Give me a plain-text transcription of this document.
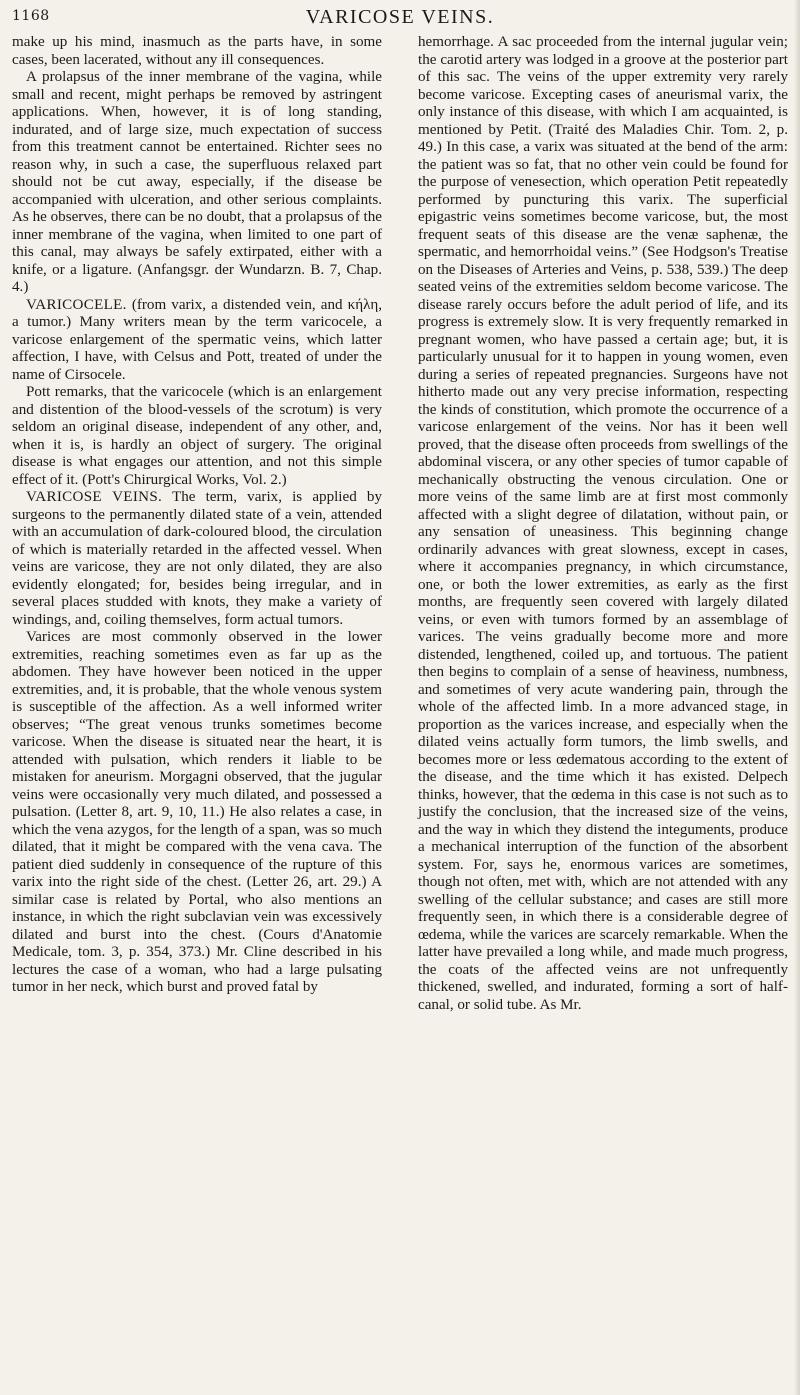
1168	VARICOSE VEINS.

make up his mind, inasmuch as the parts have, in some cases, been lacerated, without any ill consequences.

A prolapsus of the inner membrane of the vagina, while small and recent, might perhaps be removed by astringent applications. When, however, it is of long standing, indurated, and of large size, much expectation of success from this treatment cannot be entertained. Richter sees no reason why, in such a case, the superfluous relaxed part should not be cut away, especially, if the disease be accompanied with ulceration, and other serious complaints. As he observes, there can be no doubt, that a prolapsus of the inner membrane of the vagina, when limited to one part of this canal, may always be safely extirpated, either with a knife, or a ligature. (Anfangsgr. der Wundarzn. B. 7, Chap. 4.)

VARICOCELE. (from varix, a distended vein, and κήλη, a tumor.) Many writers mean by the term varicocele, a varicose enlargement of the spermatic veins, which latter affection, I have, with Celsus and Pott, treated of under the name of Cirsocele.

Pott remarks, that the varicocele (which is an enlargement and distention of the blood-vessels of the scrotum) is very seldom an original disease, independent of any other, and, when it is, is hardly an object of surgery. The original disease is what engages our attention, and not this simple effect of it. (Pott's Chirurgical Works, Vol. 2.)

VARICOSE VEINS. The term, varix, is applied by surgeons to the permanently dilated state of a vein, attended with an accumulation of dark-coloured blood, the circulation of which is materially retarded in the affected vessel. When veins are varicose, they are not only dilated, they are also evidently elongated; for, besides being irregular, and in several places studded with knots, they make a variety of windings, and, coiling themselves, form actual tumors.

Varices are most commonly observed in the lower extremities, reaching sometimes even as far up as the abdomen. They have however been noticed in the upper extremities, and, it is probable, that the whole venous system is susceptible of the affection. As a well informed writer observes; “The great venous trunks sometimes become varicose. When the disease is situated near the heart, it is attended with pulsation, which renders it liable to be mistaken for aneurism. Morgagni observed, that the jugular veins were occasionally very much dilated, and possessed a pulsation. (Letter 8, art. 9, 10, 11.) He also relates a case, in which the vena azygos, for the length of a span, was so much dilated, that it might be compared with the vena cava. The patient died suddenly in consequence of the rupture of this varix into the right side of the chest. (Letter 26, art. 29.) A similar case is related by Portal, who also mentions an instance, in which the right subclavian vein was excessively dilated and burst into the chest. (Cours d'Anatomie Medicale, tom. 3, p. 354, 373.) Mr. Cline described in his lectures the case of a woman, who had a large pulsating tumor in her neck, which burst and proved fatal by

hemorrhage. A sac proceeded from the internal jugular vein; the carotid artery was lodged in a groove at the posterior part of this sac. The veins of the upper extremity very rarely become varicose. Excepting cases of aneurismal varix, the only instance of this disease, with which I am acquainted, is mentioned by Petit. (Traité des Maladies Chir. Tom. 2, p. 49.) In this case, a varix was situated at the bend of the arm: the patient was so fat, that no other vein could be found for the purpose of venesection, which operation Petit repeatedly performed by puncturing this varix. The superficial epigastric veins sometimes become varicose, but, the most frequent seats of this disease are the venæ saphenæ, the spermatic, and hemorrhoidal veins.” (See Hodgson's Treatise on the Diseases of Arteries and Veins, p. 538, 539.) The deep seated veins of the extremities seldom become varicose. The disease rarely occurs before the adult period of life, and its progress is extremely slow. It is very frequently remarked in pregnant women, who have passed a certain age; but, it is particularly unusual for it to happen in young women, even during a series of repeated pregnancies. Surgeons have not hitherto made out any very precise information, respecting the kinds of constitution, which promote the occurrence of a varicose enlargement of the veins. Nor has it been well proved, that the disease often proceeds from swellings of the abdominal viscera, or any other species of tumor capable of mechanically obstructing the venous circulation. One or more veins of the same limb are at first most commonly affected with a slight degree of dilatation, without pain, or any sensation of uneasiness. This beginning change ordinarily advances with great slowness, except in cases, where it accompanies pregnancy, in which circumstance, one, or both the lower extremities, as early as the first months, are frequently seen covered with largely dilated veins, or even with tumors formed by an assemblage of varices. The veins gradually become more and more distended, lengthened, coiled up, and tortuous. The patient then begins to complain of a sense of heaviness, numbness, and sometimes of very acute wandering pain, through the whole of the affected limb. In a more advanced stage, in proportion as the varices increase, and especially when the dilated veins actually form tumors, the limb swells, and becomes more or less œdematous according to the extent of the disease, and the time which it has existed. Delpech thinks, however, that the œdema in this case is not such as to justify the conclusion, that the increased size of the veins, and the way in which they distend the integuments, produce a mechanical interruption of the function of the absorbent system. For, says he, enormous varices are sometimes, though not often, met with, which are not attended with any swelling of the cellular substance; and cases are still more frequently seen, in which there is a considerable degree of œdema, while the varices are scarcely remarkable. When the latter have prevailed a long while, and made much progress, the coats of the affected veins are not unfrequently thickened, swelled, and indurated, forming a sort of half-canal, or solid tube. As Mr.
